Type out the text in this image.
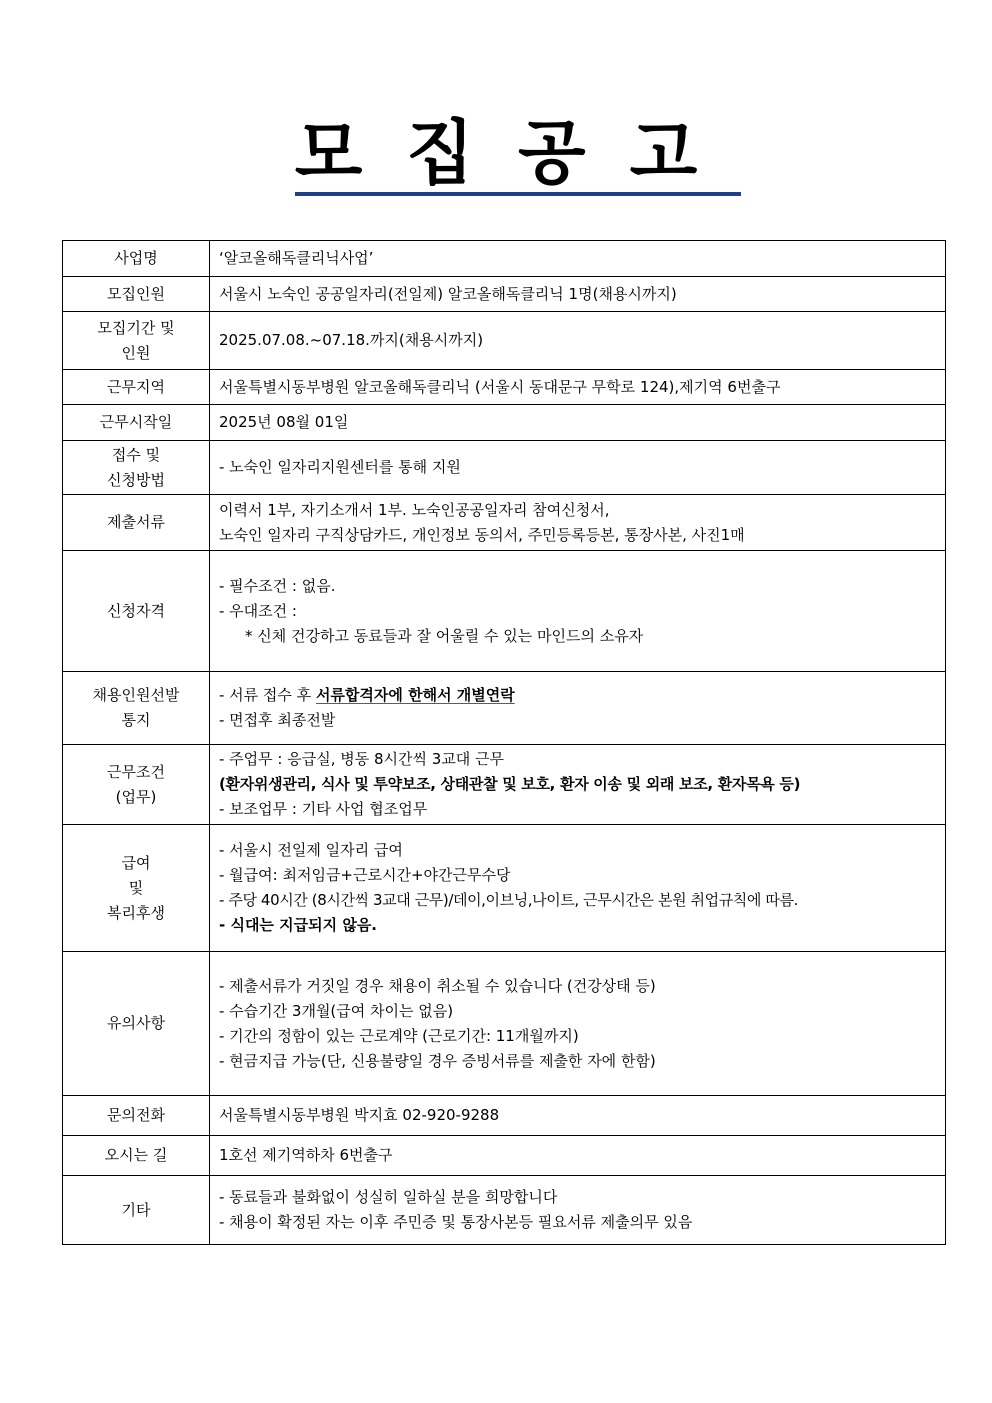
모집공고
사업명	‘알코올해독클리닉사업’

모집인원	서울시 노숙인 공공일자리(전일제) 알코올해독클리닉 1명(채용시까지)

모집기간 및
인원	2025.07.08.~07.18.까지(채용시까지)

근무지역	서울특별시동부병원 알코올해독클리닉 (서울시 동대문구 무학로 124),제기역 6번출구

근무시작일	2025년 08월 01일

접수 및
신청방법	- 노숙인 일자리지원센터를 통해 지원

제출서류	이력서 1부, 자기소개서 1부. 노숙인공공일자리 참여신청서,
노숙인 일자리 구직상담카드, 개인정보 동의서, 주민등록등본, 통장사본, 사진1매

신청자격	- 필수조건 : 없음.
- 우대조건 :
* 신체 건강하고 동료들과 잘 어울릴 수 있는 마인드의 소유자

채용인원선발
통지	- 서류 접수 후 서류합격자에 한해서 개별연락
- 면접후 최종전발

근무조건
(업무)	- 주업무 : 응급실, 병동 8시간씩 3교대 근무
(환자위생관리, 식사 및 투약보조, 상태관찰 및 보호, 환자 이송 및 외래 보조, 환자목욕 등)
- 보조업무 : 기타 사업 협조업무

급여
및
복리후생	- 서울시 전일제 일자리 급여
- 월급여: 최저임금+근로시간+야간근무수당
- 주당 40시간 (8시간씩 3교대 근무)/데이,이브닝,나이트, 근무시간은 본원 취업규칙에 따름.
- 식대는 지급되지 않음.

유의사항	- 제출서류가 거짓일 경우 채용이 취소될 수 있습니다 (건강상태 등)
- 수습기간 3개월(급여 차이는 없음)
- 기간의 정함이 있는 근로계약 (근로기간: 11개월까지)
- 현금지급 가능(단, 신용불량일 경우 증빙서류를 제출한 자에 한함)

문의전화	서울특별시동부병원 박지효 02-920-9288

오시는 길	1호선 제기역하차 6번출구

기타	- 동료들과 불화없이 성실히 일하실 분을 희망합니다
- 채용이 확정된 자는 이후 주민증 및 통장사본등 필요서류 제출의무 있음
